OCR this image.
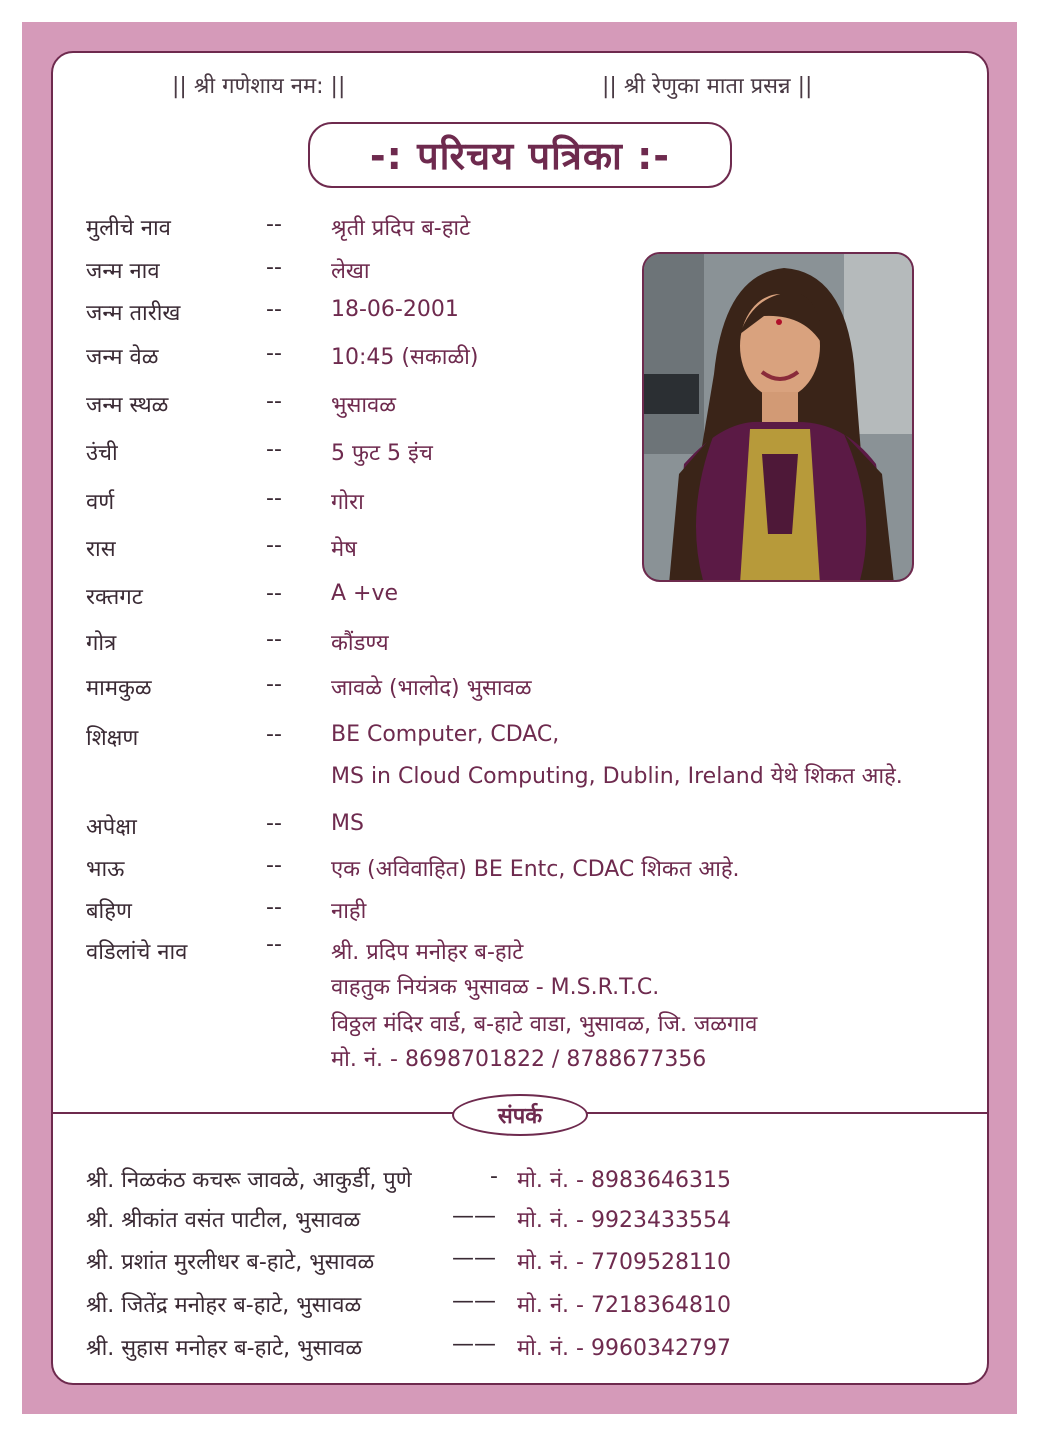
|| श्री गणेशाय नम: ||	|| श्री रेणुका माता प्रसन्न ||
-: परिचय पत्रिका :-
मुलीचे नाव	-- श्रृती प्रदिप ब-हाटे
जन्म नाव	-- लेखा
जन्म तारीख	-- 18-06-2001
जन्म वेळ	-- 10:45 (सकाळी)
जन्म स्थळ	-- भुसावळ
उंची	-- 5 फुट 5 इंच
वर्ण	-- गोरा
रास	-- मेष
रक्तगट	-- A +ve
गोत्र	-- कौंडण्य
मामकुळ	-- जावळे (भालोद) भुसावळ
शिक्षण	-- BE Computer, CDAC,
MS in Cloud Computing, Dublin, Ireland येथे शिकत आहे.
अपेक्षा	-- MS
भाऊ	-- एक (अविवाहित) BE Entc, CDAC शिकत आहे.
बहिण	-- नाही
वडिलांचे नाव	-- श्री. प्रदिप मनोहर ब-हाटे
वाहतुक नियंत्रक भुसावळ - M.S.R.T.C.
विठ्ठल मंदिर वार्ड, ब-हाटे वाडा, भुसावळ, जि. जळगाव
मो. नं. - 8698701822 / 8788677356
संपर्क
श्री. निळकंठ कचरू जावळे, आकुर्डी, पुणे	- मो. नं. - 8983646315
श्री. श्रीकांत वसंत पाटील, भुसावळ	—— मो. नं. - 9923433554
श्री. प्रशांत मुरलीधर ब-हाटे, भुसावळ	—— मो. नं. - 7709528110
श्री. जितेंद्र मनोहर ब-हाटे, भुसावळ	—— मो. नं. - 7218364810
श्री. सुहास मनोहर ब-हाटे, भुसावळ	—— मो. नं. - 9960342797
